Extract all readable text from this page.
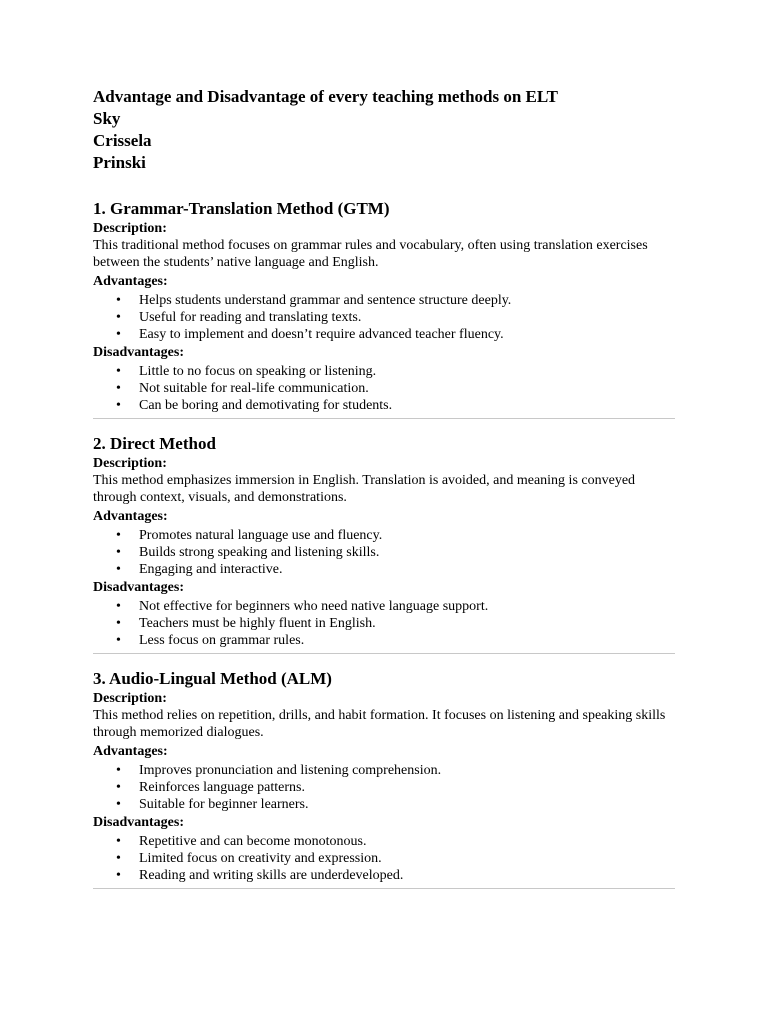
Advantage and Disadvantage of every teaching methods on ELT

Sky

Crissela

Prinski

1. Grammar-Translation Method (GTM)

Description:

This traditional method focuses on grammar rules and vocabulary, often using translation exercises between the students’ native language and English.

Advantages:

• Helps students understand grammar and sentence structure deeply.
• Useful for reading and translating texts.
• Easy to implement and doesn’t require advanced teacher fluency.

Disadvantages:

• Little to no focus on speaking or listening.
• Not suitable for real-life communication.
• Can be boring and demotivating for students.

2. Direct Method

Description:

This method emphasizes immersion in English. Translation is avoided, and meaning is conveyed through context, visuals, and demonstrations.

Advantages:

• Promotes natural language use and fluency.
• Builds strong speaking and listening skills.
• Engaging and interactive.

Disadvantages:

• Not effective for beginners who need native language support.
• Teachers must be highly fluent in English.
• Less focus on grammar rules.

3. Audio-Lingual Method (ALM)

Description:

This method relies on repetition, drills, and habit formation. It focuses on listening and speaking skills through memorized dialogues.

Advantages:

• Improves pronunciation and listening comprehension.
• Reinforces language patterns.
• Suitable for beginner learners.

Disadvantages:

• Repetitive and can become monotonous.
• Limited focus on creativity and expression.
• Reading and writing skills are underdeveloped.
